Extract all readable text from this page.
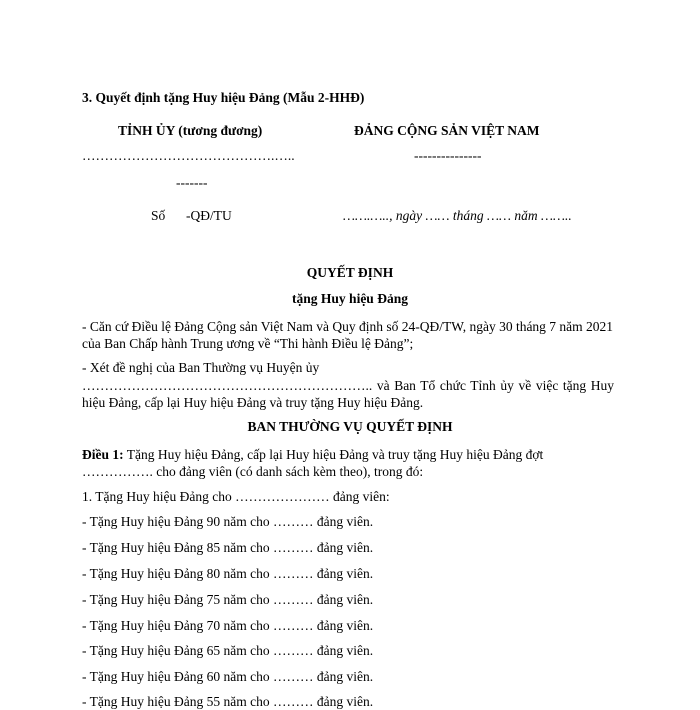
3. Quyết định tặng Huy hiệu Đảng (Mẫu 2-HHĐ)
TỈNH ỦY (tương đương)	ĐẢNG CỘNG SẢN VIỆT NAM
…………………………………….…..	---------------
-------
Số -QĐ/TU	…….….., ngày …… tháng …… năm ……..
QUYẾT ĐỊNH
tặng Huy hiệu Đảng
- Căn cứ Điều lệ Đảng Cộng sản Việt Nam và Quy định số 24-QĐ/TW, ngày 30 tháng 7 năm 2021 của Ban Chấp hành Trung ương về “Thi hành Điều lệ Đảng”;
- Xét đề nghị của Ban Thường vụ Huyện ủy
……………………………………………………….. và Ban Tổ chức Tỉnh ủy về việc tặng Huy hiệu Đảng, cấp lại Huy hiệu Đảng và truy tặng Huy hiệu Đảng.
BAN THƯỜNG VỤ QUYẾT ĐỊNH
Điều 1: Tặng Huy hiệu Đảng, cấp lại Huy hiệu Đảng và truy tặng Huy hiệu Đảng đợt ……………. cho đảng viên (có danh sách kèm theo), trong đó:
1. Tặng Huy hiệu Đảng cho ………………… đảng viên:
- Tặng Huy hiệu Đảng 90 năm cho ……… đảng viên.
- Tặng Huy hiệu Đảng 85 năm cho ……… đảng viên.
- Tặng Huy hiệu Đảng 80 năm cho ……… đảng viên.
- Tặng Huy hiệu Đảng 75 năm cho ……… đảng viên.
- Tặng Huy hiệu Đảng 70 năm cho ……… đảng viên.
- Tặng Huy hiệu Đảng 65 năm cho ……… đảng viên.
- Tặng Huy hiệu Đảng 60 năm cho ……… đảng viên.
- Tặng Huy hiệu Đảng 55 năm cho ……… đảng viên.
